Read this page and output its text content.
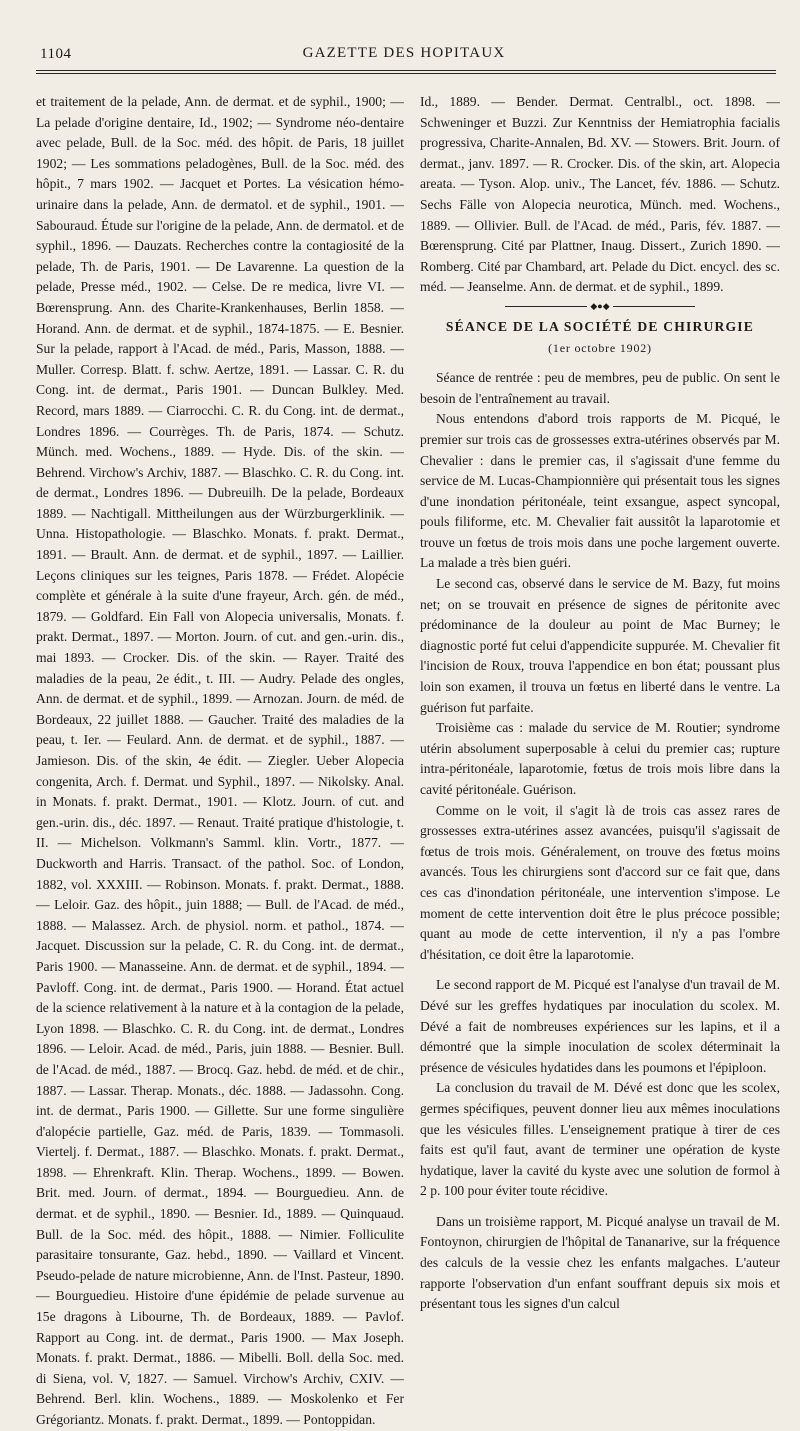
1104	GAZETTE DES HOPITAUX

et traitement de la pelade, Ann. de dermat. et de syphil., 1900; — La pelade d'origine dentaire, Id., 1902; — Syndrome néo-dentaire avec pelade, Bull. de la Soc. méd. des hôpit. de Paris, 18 juillet 1902; — Les sommations peladogènes, Bull. de la Soc. méd. des hôpit., 7 mars 1902. — Jacquet et Portes. La vésication hémo-urinaire dans la pelade, Ann. de dermatol. et de syphil., 1901. — Sabouraud. Étude sur l'origine de la pelade, Ann. de dermatol. et de syphil., 1896. — Dauzats. Recherches contre la contagiosité de la pelade, Th. de Paris, 1901. — De Lavarenne. La question de la pelade, Presse méd., 1902. — Celse. De re medica, livre VI. — Bœrensprung. Ann. des Charite-Krankenhauses, Berlin 1858. — Horand. Ann. de dermat. et de syphil., 1874-1875. — E. Besnier. Sur la pelade, rapport à l'Acad. de méd., Paris, Masson, 1888. — Muller. Corresp. Blatt. f. schw. Aertze, 1891. — Lassar. C. R. du Cong. int. de dermat., Paris 1901. — Duncan Bulkley. Med. Record, mars 1889. — Ciarrocchi. C. R. du Cong. int. de dermat., Londres 1896. — Courrèges. Th. de Paris, 1874. — Schutz. Münch. med. Wochens., 1889. — Hyde. Dis. of the skin. — Behrend. Virchow's Archiv, 1887. — Blaschko. C. R. du Cong. int. de dermat., Londres 1896. — Dubreuilh. De la pelade, Bordeaux 1889. — Nachtigall. Mittheilungen aus der Würzburgerklinik. — Unna. Histopathologie. — Blaschko. Monats. f. prakt. Dermat., 1891. — Brault. Ann. de dermat. et de syphil., 1897. — Laillier. Leçons cliniques sur les teignes, Paris 1878. — Frédet. Alopécie complète et générale à la suite d'une frayeur, Arch. gén. de méd., 1879. — Goldfard. Ein Fall von Alopecia universalis, Monats. f. prakt. Dermat., 1897. — Morton. Journ. of cut. and gen.-urin. dis., mai 1893. — Crocker. Dis. of the skin. — Rayer. Traité des maladies de la peau, 2e édit., t. III. — Audry. Pelade des ongles, Ann. de dermat. et de syphil., 1899. — Arnozan. Journ. de méd. de Bordeaux, 22 juillet 1888. — Gaucher. Traité des maladies de la peau, t. Ier. — Feulard. Ann. de dermat. et de syphil., 1887. — Jamieson. Dis. of the skin, 4e édit. — Ziegler. Ueber Alopecia congenita, Arch. f. Dermat. und Syphil., 1897. — Nikolsky. Anal. in Monats. f. prakt. Dermat., 1901. — Klotz. Journ. of cut. and gen.-urin. dis., déc. 1897. — Renaut. Traité pratique d'histologie, t. II. — Michelson. Volkmann's Samml. klin. Vortr., 1877. — Duckworth and Harris. Transact. of the pathol. Soc. of London, 1882, vol. XXXIII. — Robinson. Monats. f. prakt. Dermat., 1888. — Leloir. Gaz. des hôpit., juin 1888; — Bull. de l'Acad. de méd., 1888. — Malassez. Arch. de physiol. norm. et pathol., 1874. — Jacquet. Discussion sur la pelade, C. R. du Cong. int. de dermat., Paris 1900. — Manasseine. Ann. de dermat. et de syphil., 1894. — Pavloff. Cong. int. de dermat., Paris 1900. — Horand. État actuel de la science relativement à la nature et à la contagion de la pelade, Lyon 1898. — Blaschko. C. R. du Cong. int. de dermat., Londres 1896. — Leloir. Acad. de méd., Paris, juin 1888. — Besnier. Bull. de l'Acad. de méd., 1887. — Brocq. Gaz. hebd. de méd. et de chir., 1887. — Lassar. Therap. Monats., déc. 1888. — Jadassohn. Cong. int. de dermat., Paris 1900. — Gillette. Sur une forme singulière d'alopécie partielle, Gaz. méd. de Paris, 1839. — Tommasoli. Viertelj. f. Dermat., 1887. — Blaschko. Monats. f. prakt. Dermat., 1898. — Ehrenkraft. Klin. Therap. Wochens., 1899. — Bowen. Brit. med. Journ. of dermat., 1894. — Bourguedieu. Ann. de dermat. et de syphil., 1890. — Besnier. Id., 1889. — Quinquaud. Bull. de la Soc. méd. des hôpit., 1888. — Nimier. Folliculite parasitaire tonsurante, Gaz. hebd., 1890. — Vaillard et Vincent. Pseudo-pelade de nature microbienne, Ann. de l'Inst. Pasteur, 1890. — Bourguedieu. Histoire d'une épidémie de pelade survenue au 15e dragons à Libourne, Th. de Bordeaux, 1889. — Pavlof. Rapport au Cong. int. de dermat., Paris 1900. — Max Joseph. Monats. f. prakt. Dermat., 1886. — Mibelli. Boll. della Soc. med. di Siena, vol. V, 1827. — Samuel. Virchow's Archiv, CXIV. — Behrend. Berl. klin. Wochens., 1889. — Moskolenko et Fer Grégoriantz. Monats. f. prakt. Dermat., 1899. — Pontoppidan.

Id., 1889. — Bender. Dermat. Centralbl., oct. 1898. — Schweninger et Buzzi. Zur Kenntniss der Hemiatrophia facialis progressiva, Charite-Annalen, Bd. XV. — Stowers. Brit. Journ. of dermat., janv. 1897. — R. Crocker. Dis. of the skin, art. Alopecia areata. — Tyson. Alop. univ., The Lancet, fév. 1886. — Schutz. Sechs Fälle von Alopecia neurotica, Münch. med. Wochens., 1889. — Ollivier. Bull. de l'Acad. de méd., Paris, fév. 1887. — Bœrensprung. Cité par Plattner, Inaug. Dissert., Zurich 1890. — Romberg. Cité par Chambard, art. Pelade du Dict. encycl. des sc. méd. — Jeanselme. Ann. de dermat. et de syphil., 1899.

◆●◆
SÉANCE DE LA SOCIÉTÉ DE CHIRURGIE
(1er octobre 1902)

Séance de rentrée : peu de membres, peu de public. On sent le besoin de l'entraînement au travail.

Nous entendons d'abord trois rapports de M. Picqué, le premier sur trois cas de grossesses extra-utérines observés par M. Chevalier : dans le premier cas, il s'agissait d'une femme du service de M. Lucas-Championnière qui présentait tous les signes d'une inondation péritonéale, teint exsangue, aspect syncopal, pouls filiforme, etc. M. Chevalier fait aussitôt la laparotomie et trouve un fœtus de trois mois dans une poche largement ouverte. La malade a très bien guéri.

Le second cas, observé dans le service de M. Bazy, fut moins net; on se trouvait en présence de signes de péritonite avec prédominance de la douleur au point de Mac Burney; le diagnostic porté fut celui d'appendicite suppurée. M. Chevalier fit l'incision de Roux, trouva l'appendice en bon état; poussant plus loin son examen, il trouva un fœtus en liberté dans le ventre. La guérison fut parfaite.

Troisième cas : malade du service de M. Routier; syndrome utérin absolument superposable à celui du premier cas; rupture intra-péritonéale, laparotomie, fœtus de trois mois libre dans la cavité péritonéale. Guérison.

Comme on le voit, il s'agit là de trois cas assez rares de grossesses extra-utérines assez avancées, puisqu'il s'agissait de fœtus de trois mois. Généralement, on trouve des fœtus moins avancés. Tous les chirurgiens sont d'accord sur ce fait que, dans ces cas d'inondation péritonéale, une intervention s'impose. Le moment de cette intervention doit être le plus précoce possible; quant au mode de cette intervention, il n'y a pas l'ombre d'hésitation, ce doit être la laparotomie.

Le second rapport de M. Picqué est l'analyse d'un travail de M. Dévé sur les greffes hydatiques par inoculation du scolex. M. Dévé a fait de nombreuses expériences sur les lapins, et il a démontré que la simple inoculation de scolex déterminait la présence de vésicules hydatides dans les poumons et l'épiploon.

La conclusion du travail de M. Dévé est donc que les scolex, germes spécifiques, peuvent donner lieu aux mêmes inoculations que les vésicules filles. L'enseignement pratique à tirer de ces faits est qu'il faut, avant de terminer une opération de kyste hydatique, laver la cavité du kyste avec une solution de formol à 2 p. 100 pour éviter toute récidive.

Dans un troisième rapport, M. Picqué analyse un travail de M. Fontoynon, chirurgien de l'hôpital de Tananarive, sur la fréquence des calculs de la vessie chez les enfants malgaches. L'auteur rapporte l'observation d'un enfant souffrant depuis six mois et présentant tous les signes d'un calcul
